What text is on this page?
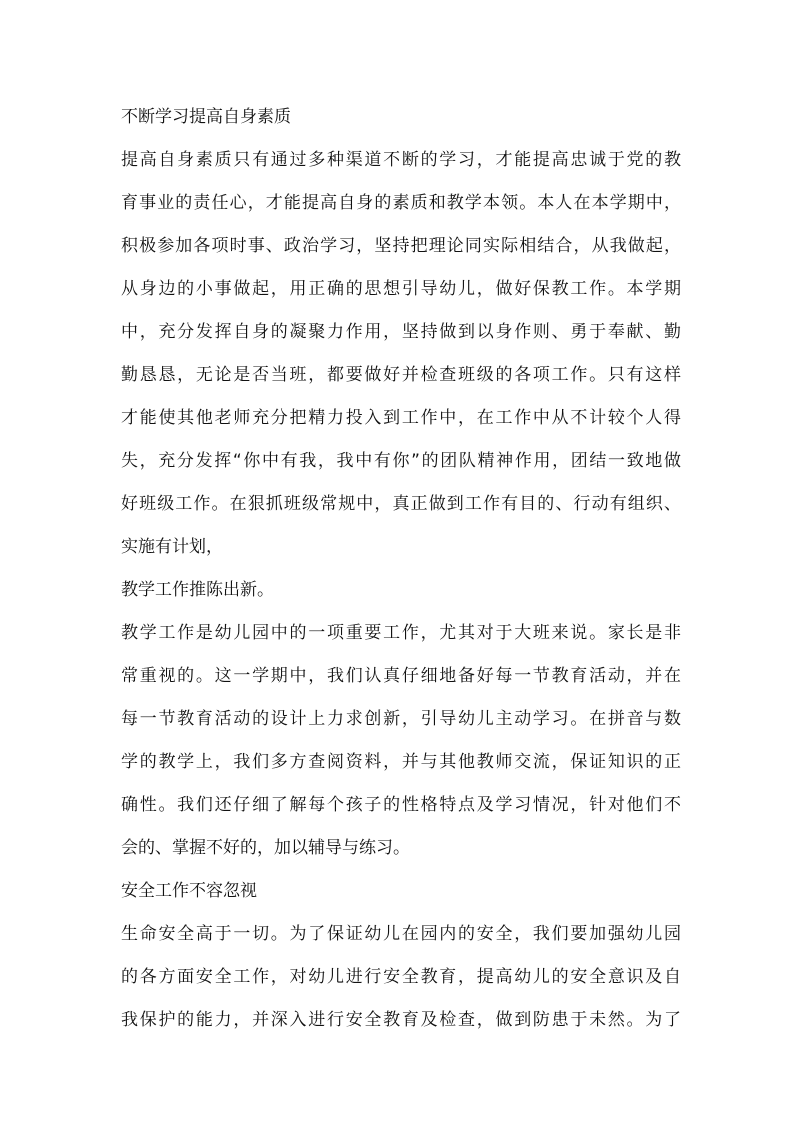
不断学习提高自身素质
提高自身素质只有通过多种渠道不断的学习，才能提高忠诚于党的教
育事业的责任心，才能提高自身的素质和教学本领。本人在本学期中，
积极参加各项时事、政治学习，坚持把理论同实际相结合，从我做起，
从身边的小事做起，用正确的思想引导幼儿，做好保教工作。本学期
中，充分发挥自身的凝聚力作用，坚持做到以身作则、勇于奉献、勤
勤恳恳，无论是否当班，都要做好并检查班级的各项工作。只有这样
才能使其他老师充分把精力投入到工作中，在工作中从不计较个人得
失，充分发挥“你中有我，我中有你”的团队精神作用，团结一致地做
好班级工作。在狠抓班级常规中，真正做到工作有目的、行动有组织、
实施有计划，
教学工作推陈出新。
教学工作是幼儿园中的一项重要工作，尤其对于大班来说。家长是非
常重视的。这一学期中，我们认真仔细地备好每一节教育活动，并在
每一节教育活动的设计上力求创新，引导幼儿主动学习。在拼音与数
学的教学上，我们多方查阅资料，并与其他教师交流，保证知识的正
确性。我们还仔细了解每个孩子的性格特点及学习情况，针对他们不
会的、掌握不好的，加以辅导与练习。
安全工作不容忽视
生命安全高于一切。为了保证幼儿在园内的安全，我们要加强幼儿园
的各方面安全工作，对幼儿进行安全教育，提高幼儿的安全意识及自
我保护的能力，并深入进行安全教育及检查，做到防患于未然。为了
